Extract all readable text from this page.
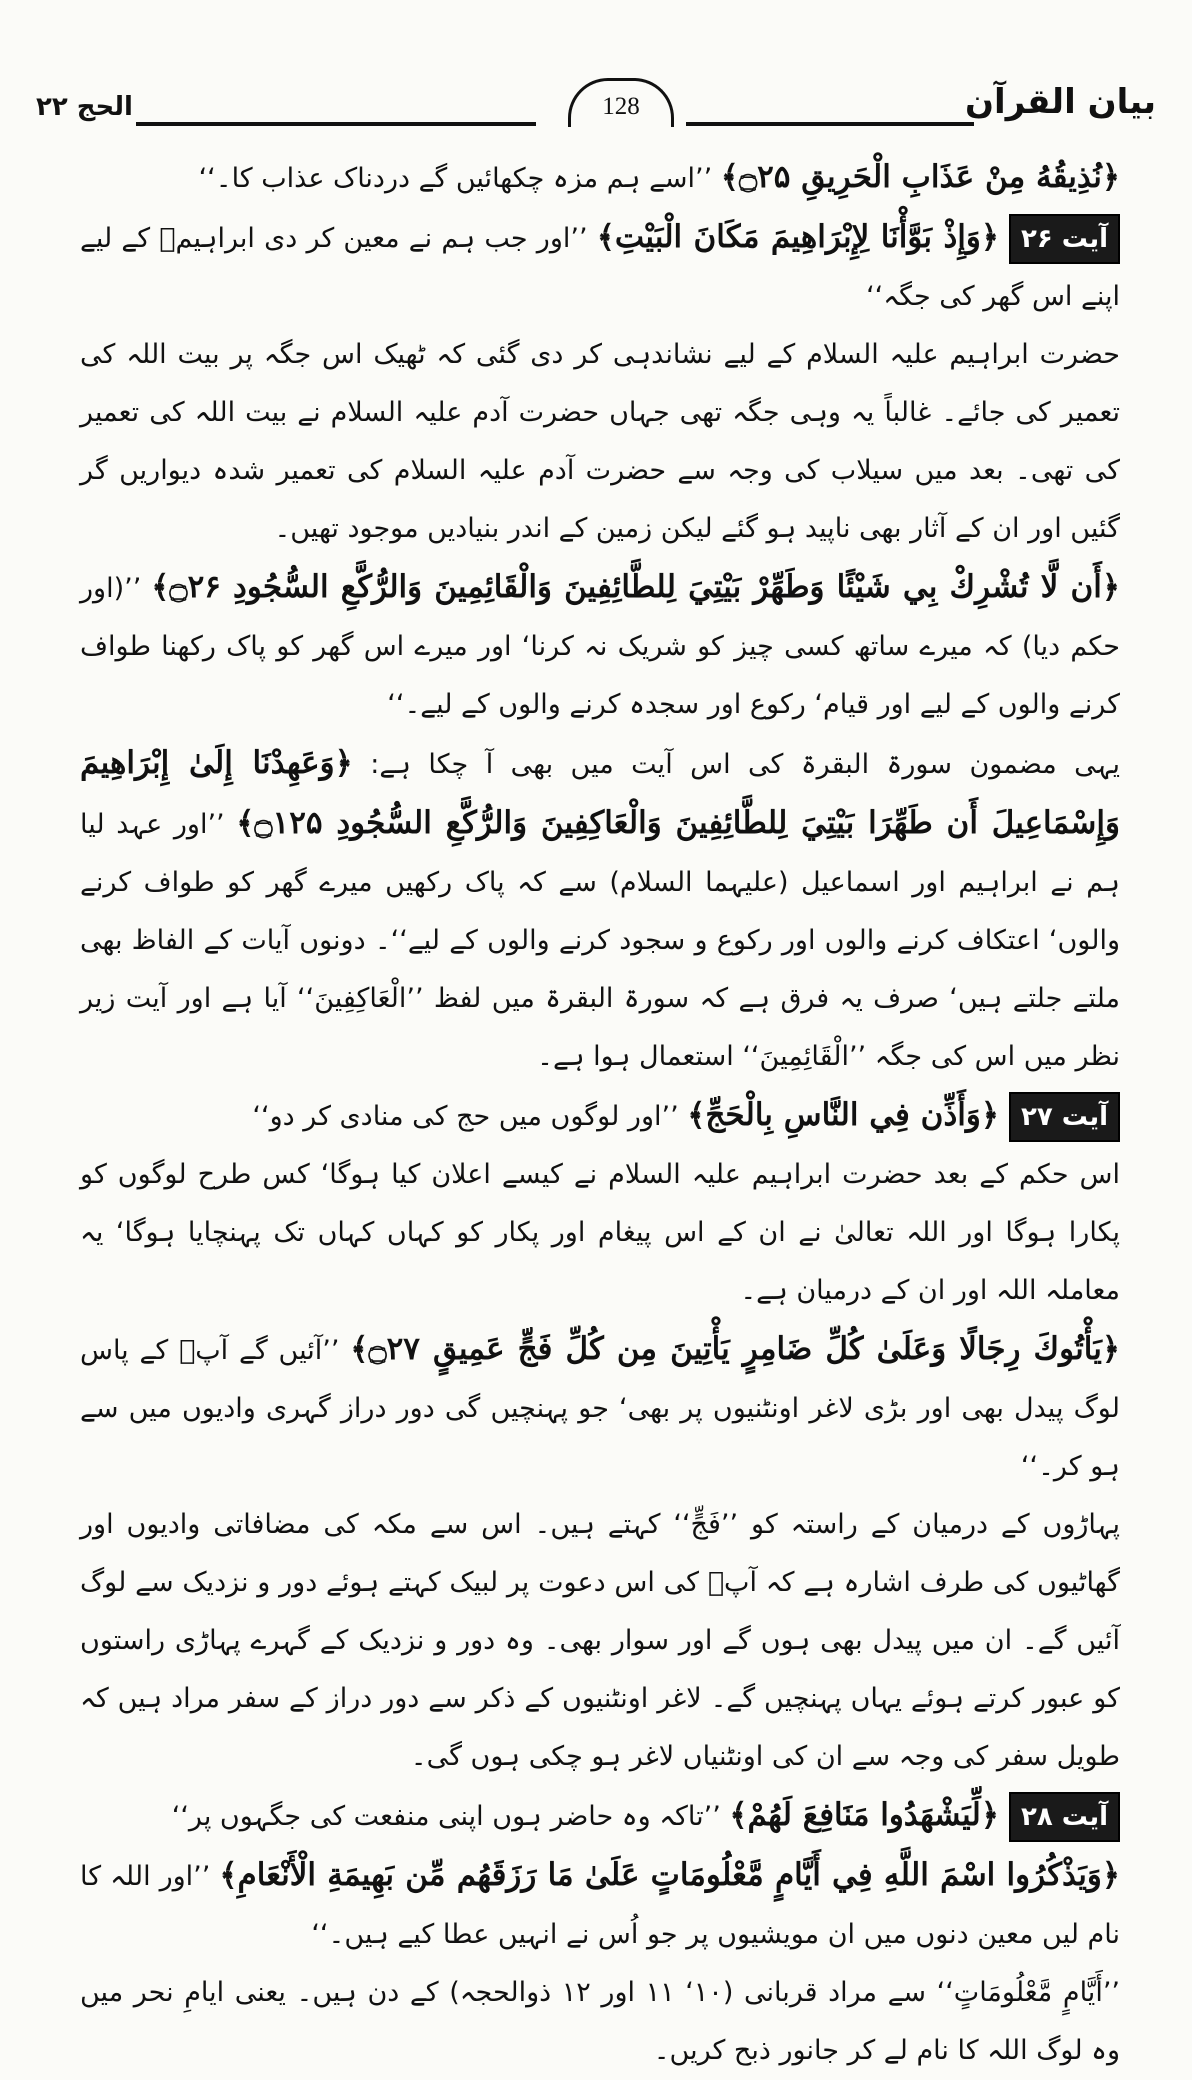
بیان القرآن
128
الحج ۲۲

﴿نُذِيقُهُ مِنْ عَذَابِ الْحَرِيقِ ۝۲۵﴾ ’’اسے ہم مزہ چکھائیں گے دردناک عذاب کا۔‘‘

آیت ۲۶﴿وَإِذْ بَوَّأْنَا لِإِبْرَاهِيمَ مَكَانَ الْبَيْتِ﴾ ’’اور جب ہم نے معین کر دی ابراہیمؑ کے لیے اپنے اس گھر کی جگہ‘‘

حضرت ابراہیم علیہ السلام کے لیے نشاندہی کر دی گئی کہ ٹھیک اس جگہ پر بیت اللہ کی تعمیر کی جائے۔ غالباً یہ وہی جگہ تھی جہاں حضرت آدم علیہ السلام نے بیت اللہ کی تعمیر کی تھی۔ بعد میں سیلاب کی وجہ سے حضرت آدم علیہ السلام کی تعمیر شدہ دیواریں گر گئیں اور ان کے آثار بھی ناپید ہو گئے لیکن زمین کے اندر بنیادیں موجود تھیں۔

﴿أَن لَّا تُشْرِكْ بِي شَيْئًا وَطَهِّرْ بَيْتِيَ لِلطَّائِفِينَ وَالْقَائِمِينَ وَالرُّكَّعِ السُّجُودِ ۝۲۶﴾ ’’(اور حکم دیا) کہ میرے ساتھ کسی چیز کو شریک نہ کرنا‘ اور میرے اس گھر کو پاک رکھنا طواف کرنے والوں کے لیے اور قیام‘ رکوع اور سجدہ کرنے والوں کے لیے۔‘‘

یہی مضمون سورۃ البقرۃ کی اس آیت میں بھی آ چکا ہے: ﴿وَعَهِدْنَا إِلَىٰ إِبْرَاهِيمَ وَإِسْمَاعِيلَ أَن طَهِّرَا بَيْتِيَ لِلطَّائِفِينَ وَالْعَاكِفِينَ وَالرُّكَّعِ السُّجُودِ ۝۱۲۵﴾ ’’اور عہد لیا ہم نے ابراہیم اور اسماعیل (علیہما السلام) سے کہ پاک رکھیں میرے گھر کو طواف کرنے والوں‘ اعتکاف کرنے والوں اور رکوع و سجود کرنے والوں کے لیے‘‘۔ دونوں آیات کے الفاظ بھی ملتے جلتے ہیں‘ صرف یہ فرق ہے کہ سورۃ البقرۃ میں لفظ ’’الْعَاكِفِينَ‘‘ آیا ہے اور آیت زیر نظر میں اس کی جگہ ’’الْقَائِمِينَ‘‘ استعمال ہوا ہے۔

آیت ۲۷﴿وَأَذِّن فِي النَّاسِ بِالْحَجِّ﴾ ’’اور لوگوں میں حج کی منادی کر دو‘‘

اس حکم کے بعد حضرت ابراہیم علیہ السلام نے کیسے اعلان کیا ہوگا‘ کس طرح لوگوں کو پکارا ہوگا اور اللہ تعالیٰ نے ان کے اس پیغام اور پکار کو کہاں کہاں تک پہنچایا ہوگا‘ یہ معاملہ اللہ اور ان کے درمیان ہے۔

﴿يَأْتُوكَ رِجَالًا وَعَلَىٰ كُلِّ ضَامِرٍ يَأْتِينَ مِن كُلِّ فَجٍّ عَمِيقٍ ۝۲۷﴾ ’’آئیں گے آپؑ کے پاس لوگ پیدل بھی اور بڑی لاغر اونٹنیوں پر بھی‘ جو پہنچیں گی دور دراز گہری وادیوں میں سے ہو کر۔‘‘

پہاڑوں کے درمیان کے راستہ کو ’’فَجٍّ‘‘ کہتے ہیں۔ اس سے مکہ کی مضافاتی وادیوں اور گھاٹیوں کی طرف اشارہ ہے کہ آپؑ کی اس دعوت پر لبیک کہتے ہوئے دور و نزدیک سے لوگ آئیں گے۔ ان میں پیدل بھی ہوں گے اور سوار بھی۔ وہ دور و نزدیک کے گہرے پہاڑی راستوں کو عبور کرتے ہوئے یہاں پہنچیں گے۔ لاغر اونٹنیوں کے ذکر سے دور دراز کے سفر مراد ہیں کہ طویل سفر کی وجہ سے ان کی اونٹنیاں لاغر ہو چکی ہوں گی۔

آیت ۲۸﴿لِّيَشْهَدُوا مَنَافِعَ لَهُمْ﴾ ’’تاکہ وہ حاضر ہوں اپنی منفعت کی جگہوں پر‘‘

﴿وَيَذْكُرُوا اسْمَ اللَّهِ فِي أَيَّامٍ مَّعْلُومَاتٍ عَلَىٰ مَا رَزَقَهُم مِّن بَهِيمَةِ الْأَنْعَامِ﴾ ’’اور اللہ کا نام لیں معین دنوں میں ان مویشیوں پر جو اُس نے انہیں عطا کیے ہیں۔‘‘

’’أَيَّامٍ مَّعْلُومَاتٍ‘‘ سے مراد قربانی (۱۰‘ ۱۱ اور ۱۲ ذوالحجہ) کے دن ہیں۔ یعنی ایامِ نحر میں وہ لوگ اللہ کا نام لے کر جانور ذبح کریں۔
